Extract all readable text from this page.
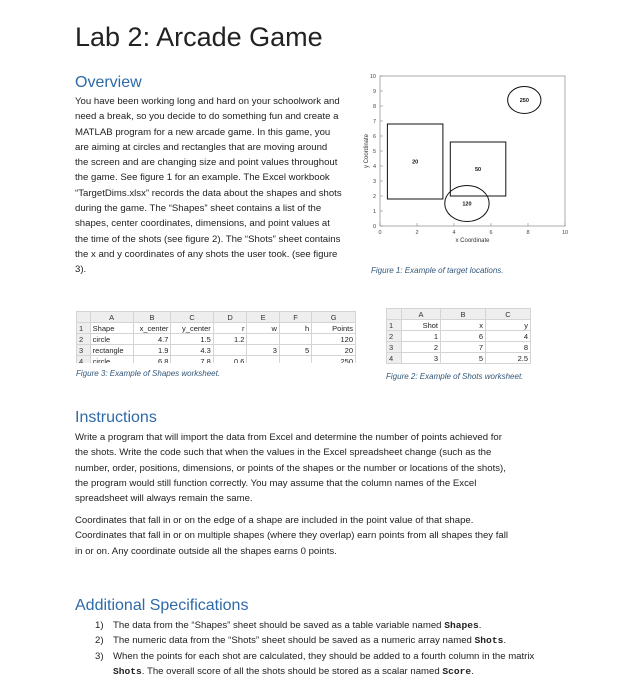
Lab 2: Arcade Game
Overview
You have been working long and hard on your schoolwork and
need a break, so you decide to do something fun and create a
MATLAB program for a new arcade game. In this game, you
are aiming at circles and rectangles that are moving around
the screen and are changing size and point values throughout
the game. See figure 1 for an example. The Excel workbook
“TargetDims.xlsx” records the data about the shapes and shots
during the game. The “Shapes” sheet contains a list of the
shapes, center coordinates, dimensions, and point values at
the time of the shots (see figure 2). The “Shots” sheet contains
the x and y coordinates of any shots the user took. (see figure
3).
0
1
2
3
4
5
6
7
8
9
10
0	2	4	6	8	10
x Coordinate
y Coordinate	20
50
120
250

Figure 1: Example of target locations.

	A	B	C	D	E	F	G
1	Shape	x_center	y_center	r	w	h	Points
2	circle	4.7	1.5	1.2			120
3	rectangle	1.9	4.3		3	5	20
4	circle	6.8	7.8	0.6			250

Figure 3: Example of Shapes worksheet.

	A	B	C
1	Shot	x	y
2	1	6	4
3	2	7	8
4	3	5	2.5

Figure 2: Example of Shots worksheet.

Instructions
Write a program that will import the data from Excel and determine the number of points achieved for
the shots. Write the code such that when the values in the Excel spreadsheet change (such as the
number, order, positions, dimensions, or points of the shapes or the number or locations of the shots),
the program would still function correctly. You may assume that the column names of the Excel
spreadsheet will always remain the same.
Coordinates that fall in or on the edge of a shape are included in the point value of that shape.
Coordinates that fall in or on multiple shapes (where they overlap) earn points from all shapes they fall
in or on. Any coordinate outside all the shapes earns 0 points.
Additional Specifications
1) The data from the “Shapes” sheet should be saved as a table variable named Shapes.
2) The numeric data from the “Shots” sheet should be saved as a numeric array named Shots.
3) When the points for each shot are calculated, they should be added to a fourth column in the matrix Shots. The overall score of all the shots should be stored as a scalar named Score.
